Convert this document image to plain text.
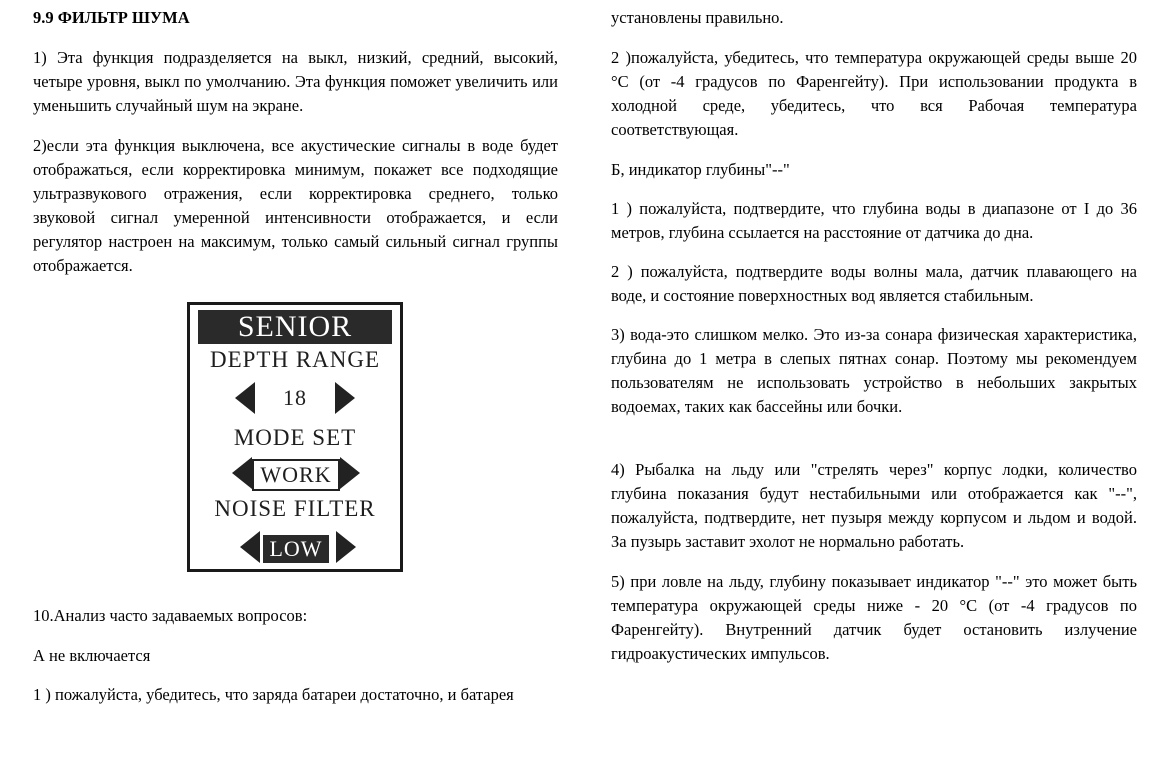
9.9 ФИЛЬТР ШУМА

1) Эта функция подразделяется на выкл, низкий, средний, высокий, четыре уровня, выкл по умолчанию. Эта функция поможет увеличить или уменьшить случайный шум на экране.

2)если эта функция выключена, все акустические сигналы в воде будет отображаться, если корректировка минимум, покажет все подходящие ультразвукового отражения, если корректировка среднего, только звуковой сигнал умеренной интенсивности отображается, и если регулятор настроен на максимум, только самый сильный сигнал группы отображается.

10.Анализ часто задаваемых вопросов:

А не включается

1 ) пожалуйста, убедитесь, что заряда батареи достаточно, и батарея

SENIOR
DEPTH RANGE
18
MODE SET
WORK
NOISE FILTER
LOW

установлены правильно.

2 )пожалуйста, убедитесь, что температура окружающей среды выше 20 °C (от -4 градусов по Фаренгейту). При использовании продукта в холодной среде, убедитесь, что вся Рабочая температура соответствующая.

Б, индикатор глубины"--"

1 ) пожалуйста, подтвердите, что глубина воды в диапазоне от I до 36 метров, глубина ссылается на расстояние от датчика до дна.

2 ) пожалуйста, подтвердите воды волны мала, датчик плавающего на воде, и состояние поверхностных вод является стабильным.

3) вода-это слишком мелко. Это из-за сонара физическая характеристика, глубина до 1 метра в слепых пятнах сонар. Поэтому мы рекомендуем пользователям не использовать устройство в небольших закрытых водоемах, таких как бассейны или бочки.

4) Рыбалка на льду или "стрелять через" корпус лодки, количество глубина показания будут нестабильными или отображается как "--", пожалуйста, подтвердите, нет пузыря между корпусом и льдом и водой. За пузырь заставит эхолот не нормально работать.

5) при ловле на льду, глубину показывает индикатор "--" это может быть температура окружающей среды ниже - 20 °C (от -4 градусов по Фаренгейту). Внутренний датчик будет остановить излучение гидроакустических импульсов.
